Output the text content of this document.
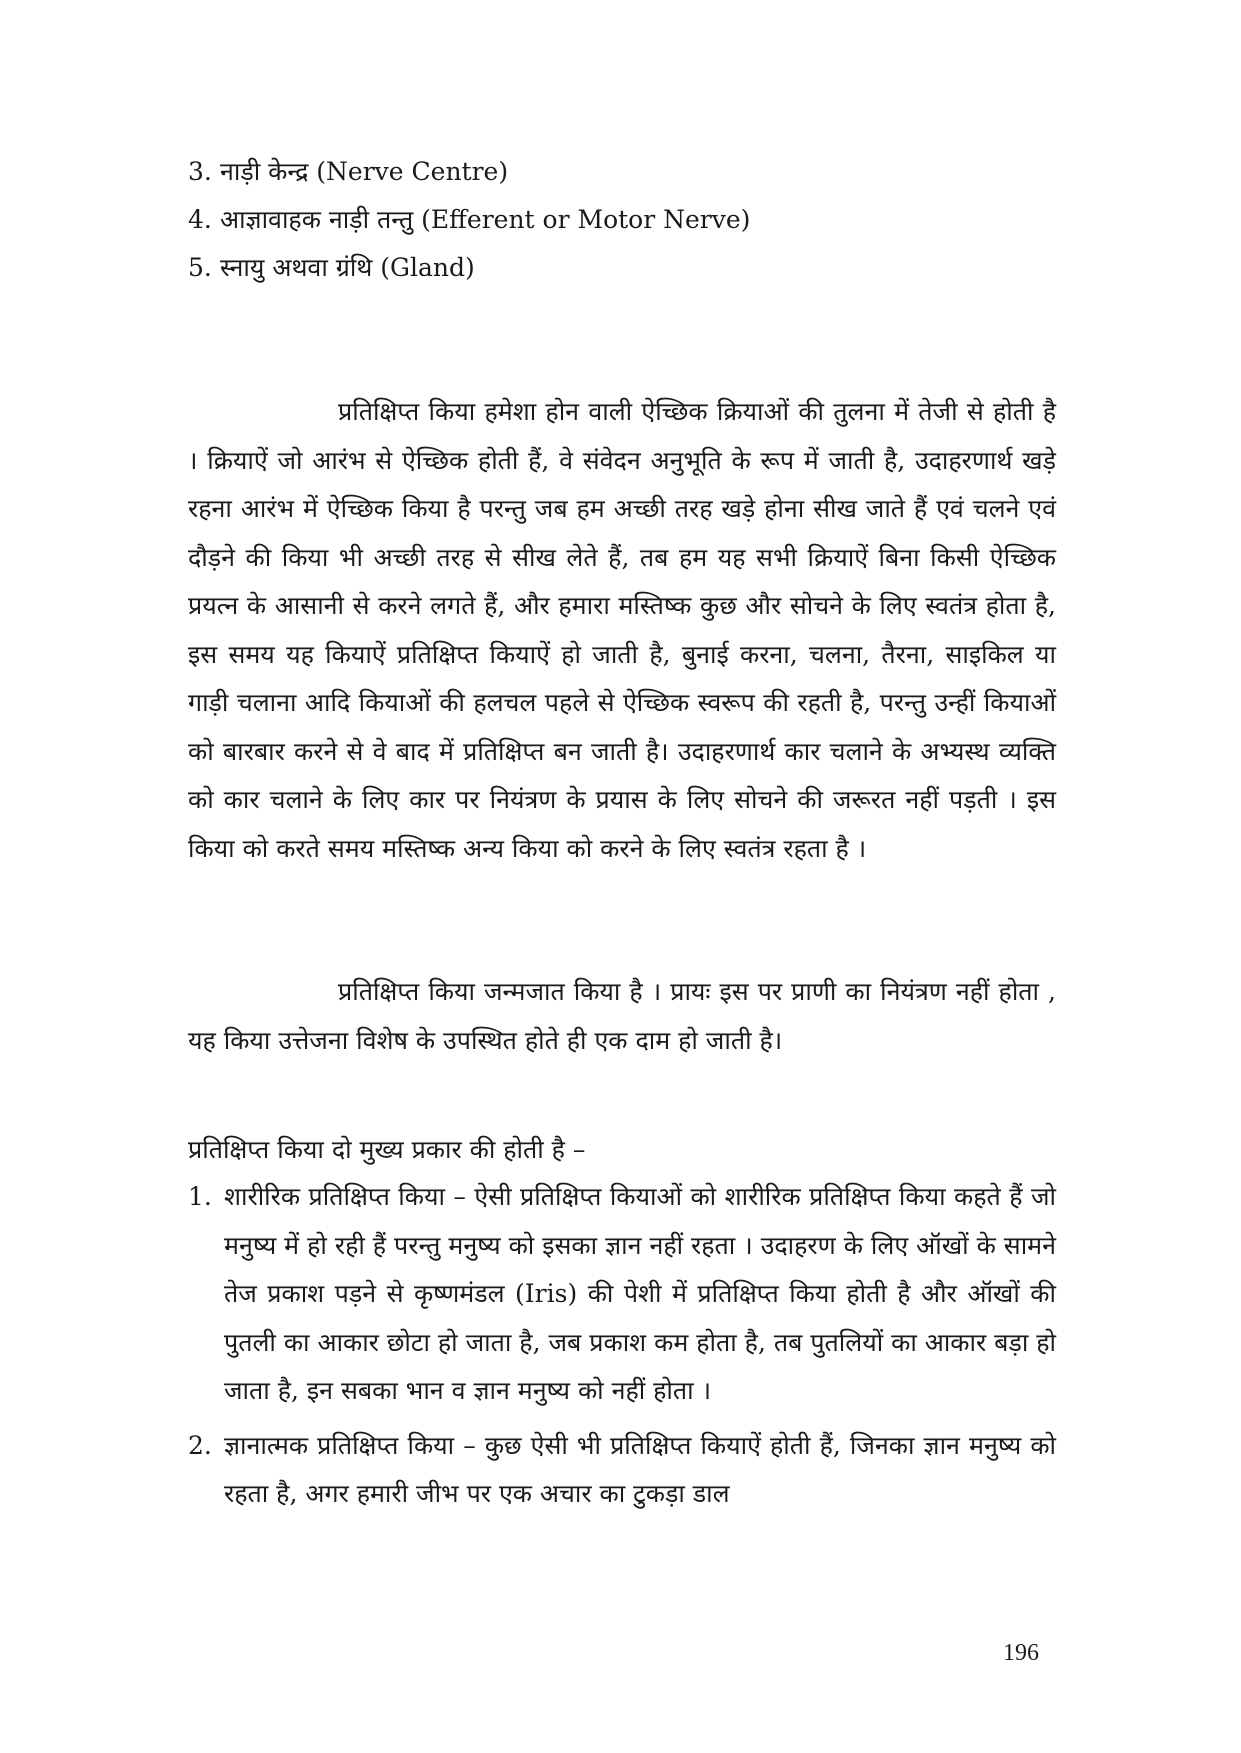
3. नाड़ी केन्द्र (Nerve Centre)
4. आज्ञावाहक नाड़ी तन्तु (Efferent or Motor Nerve)
5. स्नायु अथवा ग्रंथि (Gland)

प्रतिक्षिप्त किया हमेशा होन वाली ऐच्छिक क्रियाओं की तुलना में तेजी से होती है । क्रियाऐं जो आरंभ से ऐच्छिक होती हैं, वे संवेदन अनुभूति के रूप में जाती है, उदाहरणार्थ खड़े रहना आरंभ में ऐच्छिक किया है परन्तु जब हम अच्छी तरह खड़े होना सीख जाते हैं एवं चलने एवं दौड़ने की किया भी अच्छी तरह से सीख लेते हैं, तब हम यह सभी क्रियाऐं बिना किसी ऐच्छिक प्रयत्न के आसानी से करने लगते हैं, और हमारा मस्तिष्क कुछ और सोचने के लिए स्वतंत्र होता है, इस समय यह कियाऐं प्रतिक्षिप्त कियाऐं हो जाती है, बुनाई करना, चलना, तैरना, साइकिल या गाड़ी चलाना आदि कियाओं की हलचल पहले से ऐच्छिक स्वरूप की रहती है, परन्तु उन्हीं कियाओं को बारबार करने से वे बाद में प्रतिक्षिप्त बन जाती है। उदाहरणार्थ कार चलाने के अभ्यस्थ व्यक्ति को कार चलाने के लिए कार पर नियंत्रण के प्रयास के लिए सोचने की जरूरत नहीं पड़ती । इस किया को करते समय मस्तिष्क अन्य किया को करने के लिए स्वतंत्र रहता है ।

प्रतिक्षिप्त किया जन्मजात किया है । प्रायः इस पर प्राणी का नियंत्रण नहीं होता , यह किया उत्तेजना विशेष के उपस्थित होते ही एक दाम हो जाती है।

प्रतिक्षिप्त किया दो मुख्य प्रकार की होती है –
1. शारीरिक प्रतिक्षिप्त किया – ऐसी प्रतिक्षिप्त कियाओं को शारीरिक प्रतिक्षिप्त किया कहते हैं जो मनुष्य में हो रही हैं परन्तु मनुष्य को इसका ज्ञान नहीं रहता । उदाहरण के लिए ऑखों के सामने तेज प्रकाश पड़ने से कृष्णमंडल (Iris) की पेशी में प्रतिक्षिप्त किया होती है और ऑखों की पुतली का आकार छोटा हो जाता है, जब प्रकाश कम होता है, तब पुतलियों का आकार बड़ा हो जाता है, इन सबका भान व ज्ञान मनुष्य को नहीं होता ।
2. ज्ञानात्मक प्रतिक्षिप्त किया – कुछ ऐसी भी प्रतिक्षिप्त कियाऐं होती हैं, जिनका ज्ञान मनुष्य को रहता है, अगर हमारी जीभ पर एक अचार का टुकड़ा डाल
196
